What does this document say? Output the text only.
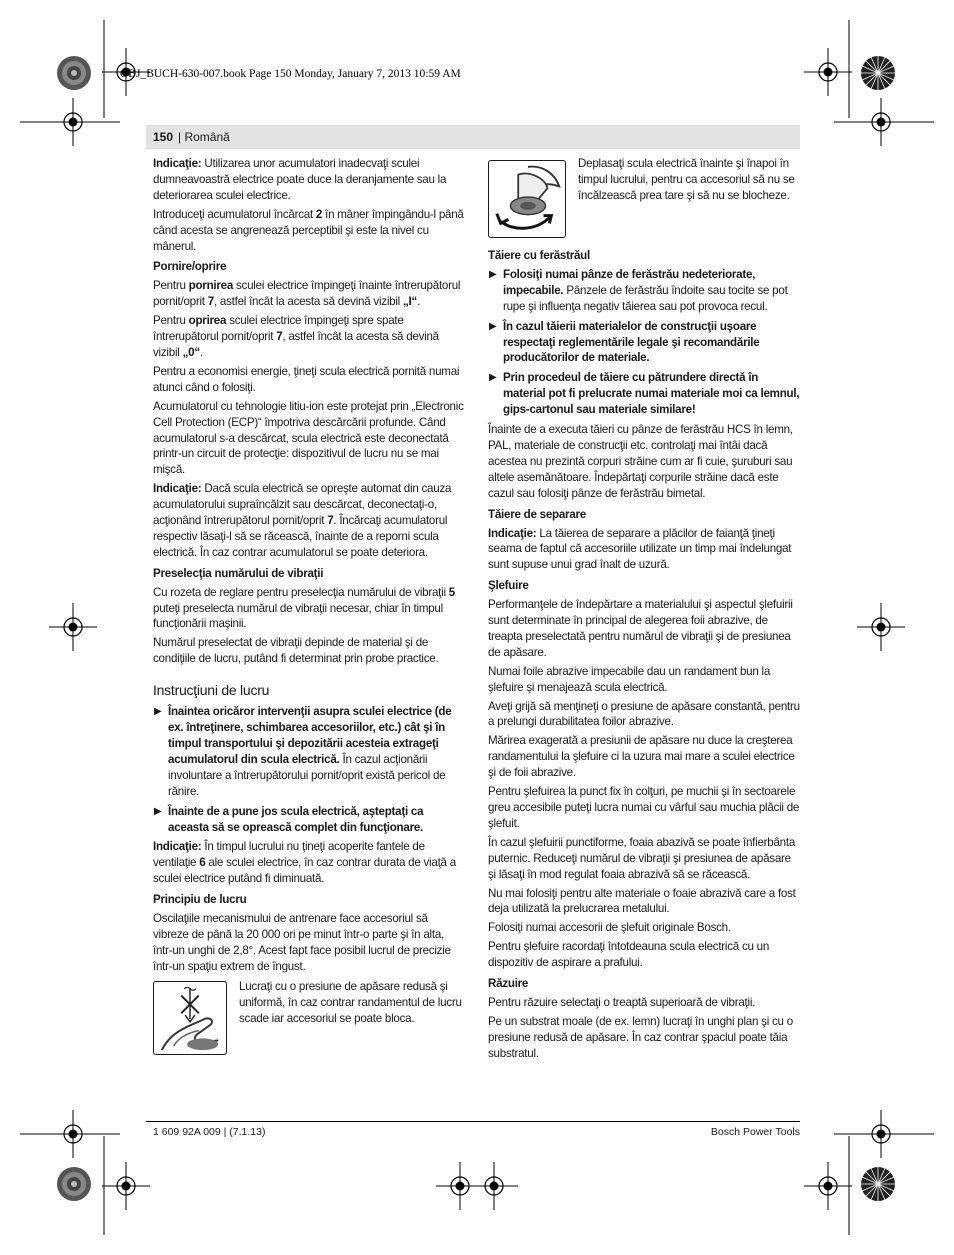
OBJ_BUCH-630-007.book Page 150 Monday, January 7, 2013 10:59 AM
150 | Română

Indicaţie: Utilizarea unor acumulatori inadecvaţi sculei dumneavoastră electrice poate duce la deranjamente sau la deteriorarea sculei electrice.

Introduceţi acumulatorul încărcat 2 în mâner împingându-l până când acesta se angrenează perceptibil şi este la nivel cu mânerul.

Pornire/oprire

Pentru pornirea sculei electrice împingeţi înainte întrerupătorul pornit/oprit 7, astfel încât la acesta să devină vizibil „I“.

Pentru oprirea sculei electrice împingeţi spre spate întrerupătorul pornit/oprit 7, astfel încât la acesta să devină vizibil „0“.

Pentru a economisi energie, ţineţi scula electrică pornită numai atunci când o folosiţi.

Acumulatorul cu tehnologie litiu-ion este protejat prin „Electronic Cell Protection (ECP)“ împotriva descărcării profunde. Când acumulatorul s-a descărcat, scula electrică este deconectată printr-un circuit de protecţie: dispozitivul de lucru nu se mai mişcă.

Indicaţie: Dacă scula electrică se opreşte automat din cauza acumulatorului supraîncălzit sau descărcat, deconectaţi-o, acţionând întrerupătorul pornit/oprit 7. Încărcaţi acumulatorul respectiv lăsaţi-l să se răcească, înainte de a reporni scula electrică. În caz contrar acumulatorul se poate deteriora.

Preselecţia numărului de vibraţii

Cu rozeta de reglare pentru preselecţia numărului de vibraţii 5 puteţi preselecta numărul de vibraţii necesar, chiar în timpul funcţionării maşinii.

Numărul preselectat de vibraţii depinde de material şi de condiţiile de lucru, putând fi determinat prin probe practice.

Instrucţiuni de lucru
▶ Înaintea oricăror intervenţii asupra sculei electrice (de ex. întreţinere, schimbarea accesoriilor, etc.) cât şi în timpul transportului şi depozitării acesteia extrageţi acumulatorul din scula electrică. În cazul acţionării involuntare a întrerupătorului pornit/oprit există pericol de rănire.
▶ Înainte de a pune jos scula electrică, aşteptaţi ca aceasta să se oprească complet din funcţionare.

Indicaţie: În timpul lucrului nu ţineţi acoperite fantele de ventilaţie 6 ale sculei electrice, în caz contrar durata de viaţă a sculei electrice putând fi diminuată.

Principiu de lucru

Oscilaţiile mecanismului de antrenare face accesoriul să vibreze de până la 20 000 ori pe minut într-o parte şi în alta, într-un unghi de 2,8°. Acest fapt face posibil lucrul de precizie într-un spaţiu extrem de îngust.

Lucraţi cu o presiune de apăsare redusă şi uniformă, în caz contrar randamentul de lucru scade iar accesoriul se poate bloca.
Deplasaţi scula electrică înainte şi înapoi în timpul lucrului, pentru ca accesoriul să nu se încălzească prea tare şi să nu se blocheze.
Tăiere cu ferăstrăul
▶ Folosiţi numai pânze de ferăstrău nedeteriorate, impecabile. Pânzele de ferăstrău îndoite sau tocite se pot rupe şi influenţa negativ tăierea sau pot provoca recul.
▶ În cazul tăierii materialelor de construcţii uşoare respectaţi reglementările legale şi recomandările producătorilor de materiale.
▶ Prin procedeul de tăiere cu pătrundere directă în material pot fi prelucrate numai materiale moi ca lemnul, gips-cartonul sau materiale similare!

Înainte de a executa tăieri cu pânze de ferăstrău HCS în lemn, PAL, materiale de construcţii etc. controlaţi mai întâi dacă acestea nu prezintă corpuri străine cum ar fi cuie, şuruburi sau altele asemănătoare. Îndepărtaţi corpurile străine dacă este cazul sau folosiţi pânze de ferăstrău bimetal.

Tăiere de separare

Indicaţie: La tăierea de separare a plăcilor de faianţă ţineţi seama de faptul că accesoriile utilizate un timp mai îndelungat sunt supuse unui grad înalt de uzură.

Şlefuire

Performanţele de îndepărtare a materialului şi aspectul şlefuirii sunt determinate în principal de alegerea foii abrazive, de treapta preselectată pentru numărul de vibraţii şi de presiunea de apăsare.

Numai foile abrazive impecabile dau un randament bun la şlefuire şi menajează scula electrică.

Aveţi grijă să menţineţi o presiune de apăsare constantă, pentru a prelungi durabilitatea foilor abrazive.

Mărirea exagerată a presiunii de apăsare nu duce la creşterea randamentului la şlefuire ci la uzura mai mare a sculei electrice şi de foii abrazive.

Pentru şlefuirea la punct fix în colţuri, pe muchii şi în sectoarele greu accesibile puteţi lucra numai cu vârful sau muchia plăcii de şlefuit.

În cazul şlefuirii punctiforme, foaia abazivă se poate înfierbânta puternic. Reduceţi numărul de vibraţii şi presiunea de apăsare şi lăsaţi în mod regulat foaia abrazivă să se răcească.

Nu mai folosiţi pentru alte materiale o foaie abrazivă care a fost deja utilizată la prelucrarea metalului.

Folosiţi numai accesorii de şlefuit originale Bosch.

Pentru şlefuire racordaţi întotdeauna scula electrică cu un dispozitiv de aspirare a prafului.

Răzuire

Pentru răzuire selectaţi o treaptă superioară de vibraţii.

Pe un substrat moale (de ex. lemn) lucraţi în unghi plan şi cu o presiune redusă de apăsare. În caz contrar şpaclul poate tăia substratul.

1 609 92A 009 | (7.1.13)	Bosch Power Tools
